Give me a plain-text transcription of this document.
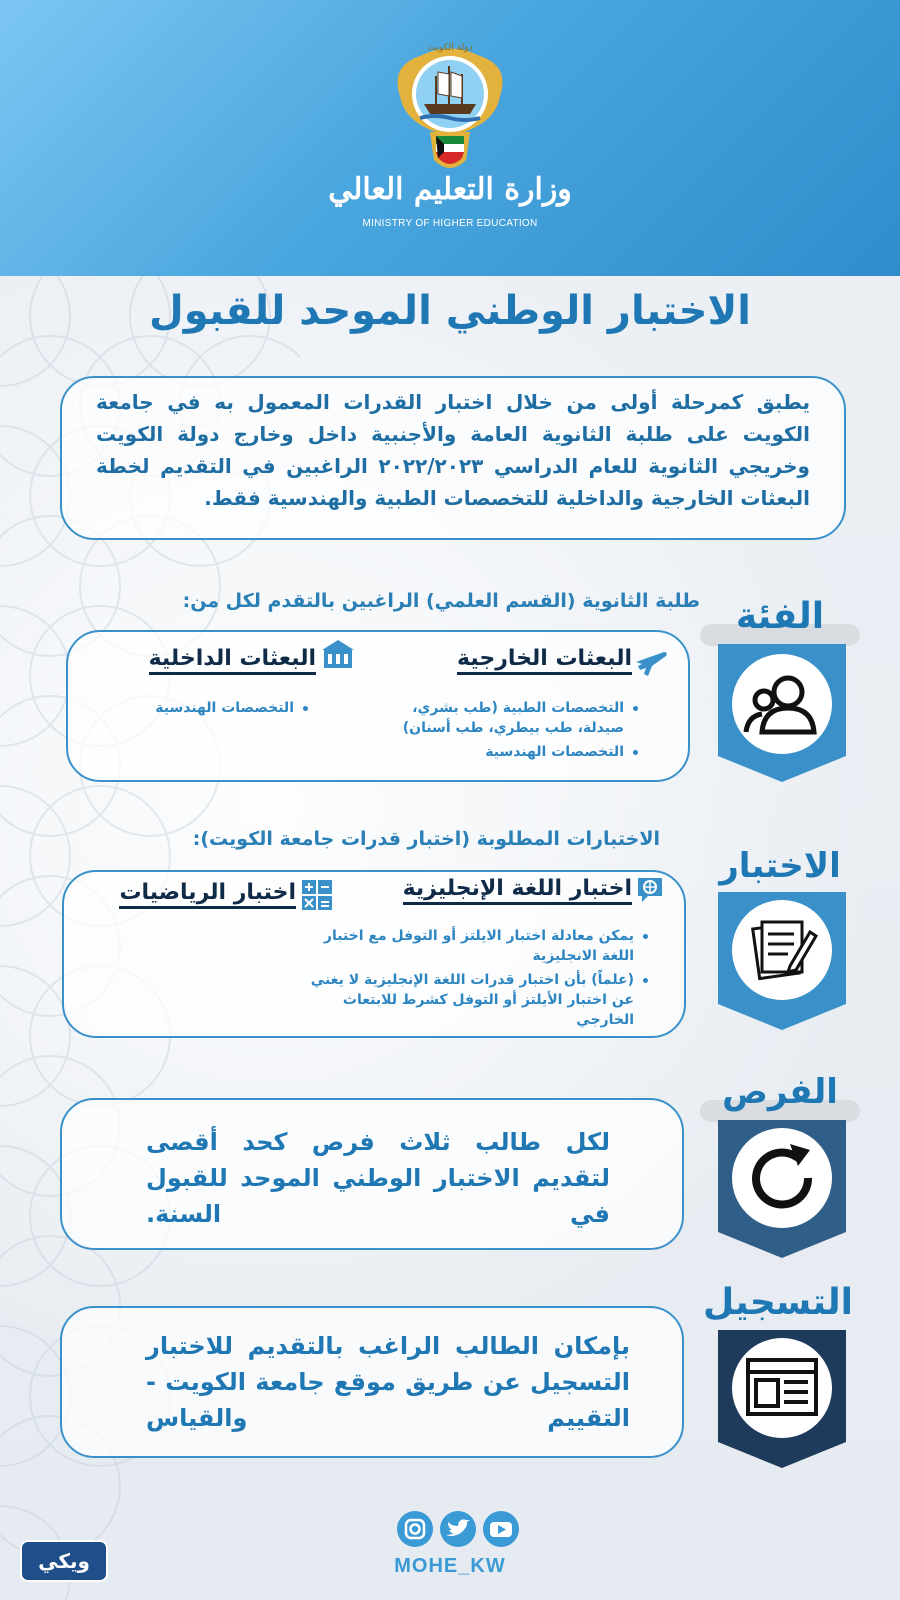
دولة الكويت
وزارة التعليم العالي
MINISTRY OF HIGHER EDUCATION
الاختبار الوطني الموحد للقبول

يطبق كمرحلة أولى من خلال اختبار القدرات المعمول به في جامعة الكويت على طلبة الثانوية العامة والأجنبية داخل وخارج دولة الكويت وخريجي الثانوية للعام الدراسي ٢٠٢٢/٢٠٢٣ الراغبين في التقديم لخطة البعثات الخارجية والداخلية للتخصصات الطبية والهندسية فقط.

الفئة
طلبة الثانوية (القسم العلمي) الراغبين بالتقدم لكل من:
البعثات الخارجية
التخصصات الطبية (طب بشري، صيدلة، طب بيطري، طب أسنان)
التخصصات الهندسية
البعثات الداخلية
التخصصات الهندسية
الاختبار
الاختبارات المطلوبة (اختبار قدرات جامعة الكويت):
اختبار اللغة الإنجليزية
يمكن معادلة اختبار الايلتز أو التوفل مع اختبار اللغة الانجليزية
(علماً) بأن اختبار قدرات اللغة الإنجليزية لا يغني عن اختبار الأيلتز أو التوفل كشرط للابتعاث الخارجي
اختبار الرياضيات
الفرص
لكل طالب ثلاث فرص كحد أقصى لتقديم الاختبار الوطني الموحد للقبول في السنة.
التسجيل
بإمكان الطالب الراغب بالتقديم للاختبار التسجيل عن طريق موقع جامعة الكويت - التقييم والقياس
MOHE_KW
ويكي
